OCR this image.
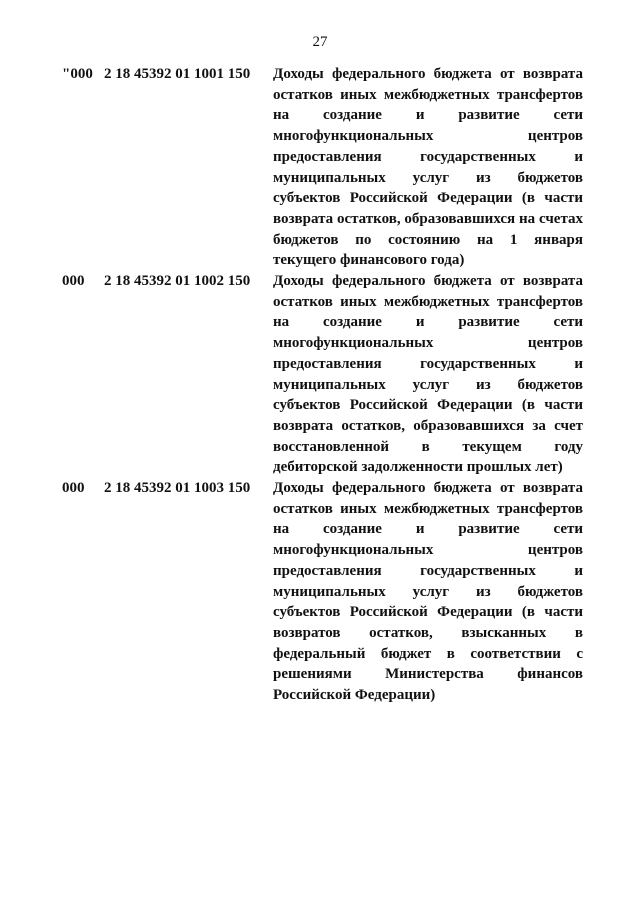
27
"000 2 18 45392 01 1001 150 Доходы федерального бюджета от возврата остатков иных межбюджетных трансфертов на создание и развитие сети многофункциональных центров предоставления государственных и муниципальных услуг из бюджетов субъектов Российской Федерации (в части возврата остатков, образовавшихся на счетах бюджетов по состоянию на 1 января текущего финансового года)
000 2 18 45392 01 1002 150 Доходы федерального бюджета от возврата остатков иных межбюджетных трансфертов на создание и развитие сети многофункциональных центров предоставления государственных и муниципальных услуг из бюджетов субъектов Российской Федерации (в части возврата остатков, образовавшихся за счет восстановленной в текущем году дебиторской задолженности прошлых лет)
000 2 18 45392 01 1003 150 Доходы федерального бюджета от возврата остатков иных межбюджетных трансфертов на создание и развитие сети многофункциональных центров предоставления государственных и муниципальных услуг из бюджетов субъектов Российской Федерации (в части возвратов остатков, взысканных в федеральный бюджет в соответствии с решениями Министерства финансов Российской Федерации)
